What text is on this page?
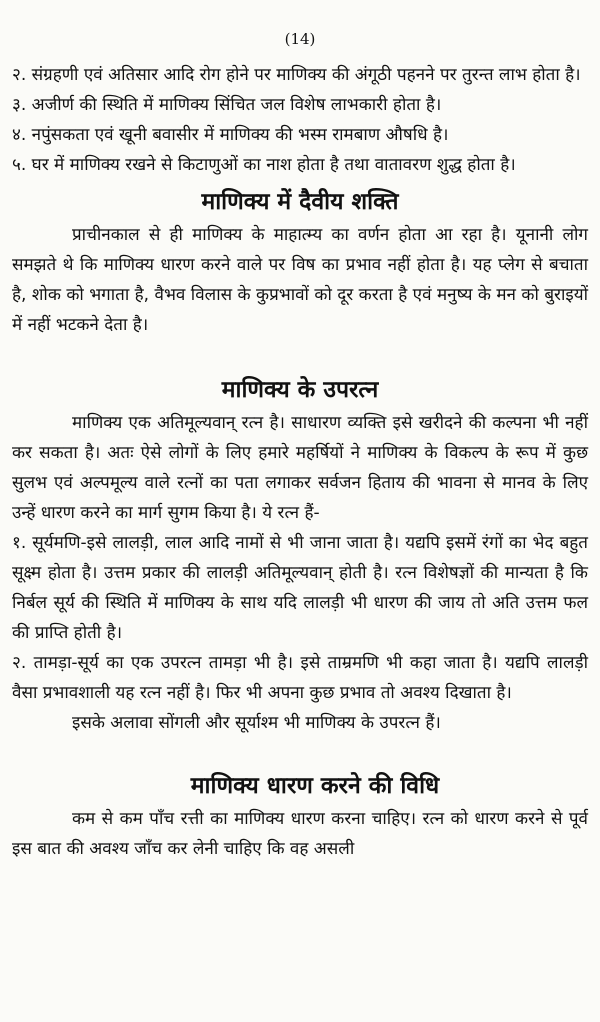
(14)

२. संग्रहणी एवं अतिसार आदि रोग होने पर माणिक्य की अंगूठी पहनने पर तुरन्त लाभ होता है।

३. अजीर्ण की स्थिति में माणिक्य सिंचित जल विशेष लाभकारी होता है।

४. नपुंसकता एवं खूनी बवासीर में माणिक्य की भस्म रामबाण औषधि है।

५. घर में माणिक्य रखने से किटाणुओं का नाश होता है तथा वातावरण शुद्ध होता है।

माणिक्य में दैवीय शक्ति

प्राचीनकाल से ही माणिक्य के माहात्म्य का वर्णन होता आ रहा है। यूनानी लोग समझते थे कि माणिक्य धारण करने वाले पर विष का प्रभाव नहीं होता है। यह प्लेग से बचाता है, शोक को भगाता है, वैभव विलास के कुप्रभावों को दूर करता है एवं मनुष्य के मन को बुराइयों में नहीं भटकने देता है।

माणिक्य के उपरत्न

माणिक्य एक अतिमूल्यवान् रत्न है। साधारण व्यक्ति इसे खरीदने की कल्पना भी नहीं कर सकता है। अतः ऐसे लोगों के लिए हमारे महर्षियों ने माणिक्य के विकल्प के रूप में कुछ सुलभ एवं अल्पमूल्य वाले रत्नों का पता लगाकर सर्वजन हिताय की भावना से मानव के लिए उन्हें धारण करने का मार्ग सुगम किया है। ये रत्न हैं-

१. सूर्यमणि-इसे लालड़ी, लाल आदि नामों से भी जाना जाता है। यद्यपि इसमें रंगों का भेद बहुत सूक्ष्म होता है। उत्तम प्रकार की लालड़ी अतिमूल्यवान् होती है। रत्न विशेषज्ञों की मान्यता है कि निर्बल सूर्य की स्थिति में माणिक्य के साथ यदि लालड़ी भी धारण की जाय तो अति उत्तम फल की प्राप्ति होती है।

२. तामड़ा-सूर्य का एक उपरत्न तामड़ा भी है। इसे ताम्रमणि भी कहा जाता है। यद्यपि लालड़ी वैसा प्रभावशाली यह रत्न नहीं है। फिर भी अपना कुछ प्रभाव तो अवश्य दिखाता है।

इसके अलावा सोंगली और सूर्याश्म भी माणिक्य के उपरत्न हैं।

माणिक्य धारण करने की विधि

कम से कम पाँच रत्ती का माणिक्य धारण करना चाहिए। रत्न को धारण करने से पूर्व इस बात की अवश्य जॉंच कर लेनी चाहिए कि वह असली
